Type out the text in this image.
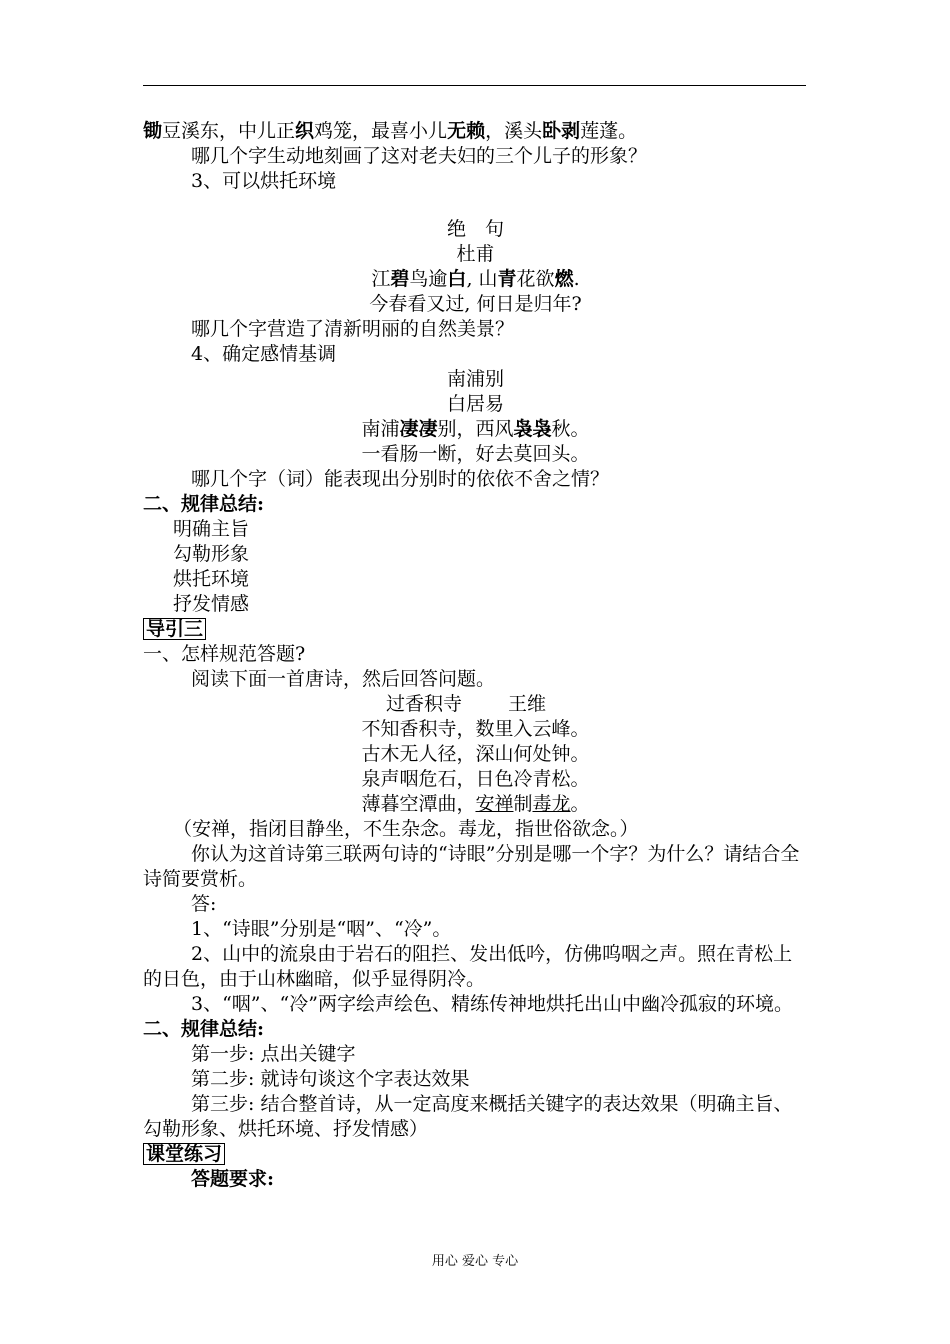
锄豆溪东，中儿正织鸡笼，最喜小儿无赖，溪头卧剥莲蓬。
哪几个字生动地刻画了这对老夫妇的三个儿子的形象？
3、可以烘托环境
绝　句
杜甫
江碧鸟逾白, 山青花欲燃.
今春看又过, 何日是归年?
哪几个字营造了清新明丽的自然美景？
4、确定感情基调
南浦别
白居易
南浦凄凄别，西风袅袅秋。
一看肠一断，好去莫回头。
哪几个字（词）能表现出分别时的依依不舍之情？
二、规律总结:
明确主旨
勾勒形象
烘托环境
抒发情感
导引三
一、怎样规范答题?
阅读下面一首唐诗，然后回答问题。
过香积寺 王维
不知香积寺，数里入云峰。
古木无人径，深山何处钟。
泉声咽危石，日色冷青松。
薄暮空潭曲，安禅制毒龙。
（安禅，指闭目静坐，不生杂念。毒龙，指世俗欲念。）
你认为这首诗第三联两句诗的“诗眼”分别是哪一个字？为什么？请结合全诗简要赏析。
答:
1、“诗眼”分别是“咽”、“冷”。
2、山中的流泉由于岩石的阻拦、发出低吟，仿佛呜咽之声。照在青松上的日色，由于山林幽暗，似乎显得阴冷。
3、“咽”、“冷”两字绘声绘色、精练传神地烘托出山中幽冷孤寂的环境。
二、规律总结:
第一步: 点出关键字
第二步: 就诗句谈这个字表达效果
第三步: 结合整首诗，从一定高度来概括关键字的表达效果（明确主旨、勾勒形象、烘托环境、抒发情感）
课堂练习
答题要求:
用心 爱心 专心
